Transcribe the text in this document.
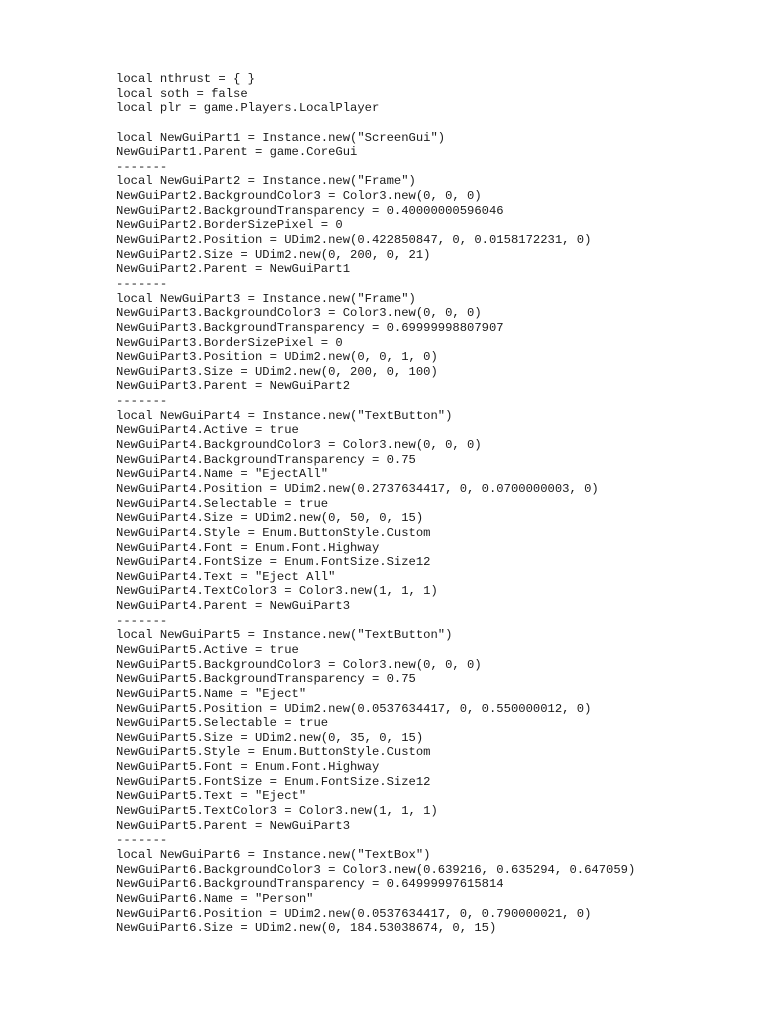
local nthrust = { }
local soth = false
local plr = game.Players.LocalPlayer
local NewGuiPart1 = Instance.new("ScreenGui")
NewGuiPart1.Parent = game.CoreGui
-------
local NewGuiPart2 = Instance.new("Frame")
NewGuiPart2.BackgroundColor3 = Color3.new(0, 0, 0)
NewGuiPart2.BackgroundTransparency = 0.40000000596046
NewGuiPart2.BorderSizePixel = 0
NewGuiPart2.Position = UDim2.new(0.422850847, 0, 0.0158172231, 0)
NewGuiPart2.Size = UDim2.new(0, 200, 0, 21)
NewGuiPart2.Parent = NewGuiPart1
-------
local NewGuiPart3 = Instance.new("Frame")
NewGuiPart3.BackgroundColor3 = Color3.new(0, 0, 0)
NewGuiPart3.BackgroundTransparency = 0.69999998807907
NewGuiPart3.BorderSizePixel = 0
NewGuiPart3.Position = UDim2.new(0, 0, 1, 0)
NewGuiPart3.Size = UDim2.new(0, 200, 0, 100)
NewGuiPart3.Parent = NewGuiPart2
-------
local NewGuiPart4 = Instance.new("TextButton")
NewGuiPart4.Active = true
NewGuiPart4.BackgroundColor3 = Color3.new(0, 0, 0)
NewGuiPart4.BackgroundTransparency = 0.75
NewGuiPart4.Name = "EjectAll"
NewGuiPart4.Position = UDim2.new(0.2737634417, 0, 0.0700000003, 0)
NewGuiPart4.Selectable = true
NewGuiPart4.Size = UDim2.new(0, 50, 0, 15)
NewGuiPart4.Style = Enum.ButtonStyle.Custom
NewGuiPart4.Font = Enum.Font.Highway
NewGuiPart4.FontSize = Enum.FontSize.Size12
NewGuiPart4.Text = "Eject All"
NewGuiPart4.TextColor3 = Color3.new(1, 1, 1)
NewGuiPart4.Parent = NewGuiPart3
-------
local NewGuiPart5 = Instance.new("TextButton")
NewGuiPart5.Active = true
NewGuiPart5.BackgroundColor3 = Color3.new(0, 0, 0)
NewGuiPart5.BackgroundTransparency = 0.75
NewGuiPart5.Name = "Eject"
NewGuiPart5.Position = UDim2.new(0.0537634417, 0, 0.550000012, 0)
NewGuiPart5.Selectable = true
NewGuiPart5.Size = UDim2.new(0, 35, 0, 15)
NewGuiPart5.Style = Enum.ButtonStyle.Custom
NewGuiPart5.Font = Enum.Font.Highway
NewGuiPart5.FontSize = Enum.FontSize.Size12
NewGuiPart5.Text = "Eject"
NewGuiPart5.TextColor3 = Color3.new(1, 1, 1)
NewGuiPart5.Parent = NewGuiPart3
-------
local NewGuiPart6 = Instance.new("TextBox")
NewGuiPart6.BackgroundColor3 = Color3.new(0.639216, 0.635294, 0.647059)
NewGuiPart6.BackgroundTransparency = 0.64999997615814
NewGuiPart6.Name = "Person"
NewGuiPart6.Position = UDim2.new(0.0537634417, 0, 0.790000021, 0)
NewGuiPart6.Size = UDim2.new(0, 184.53038674, 0, 15)
